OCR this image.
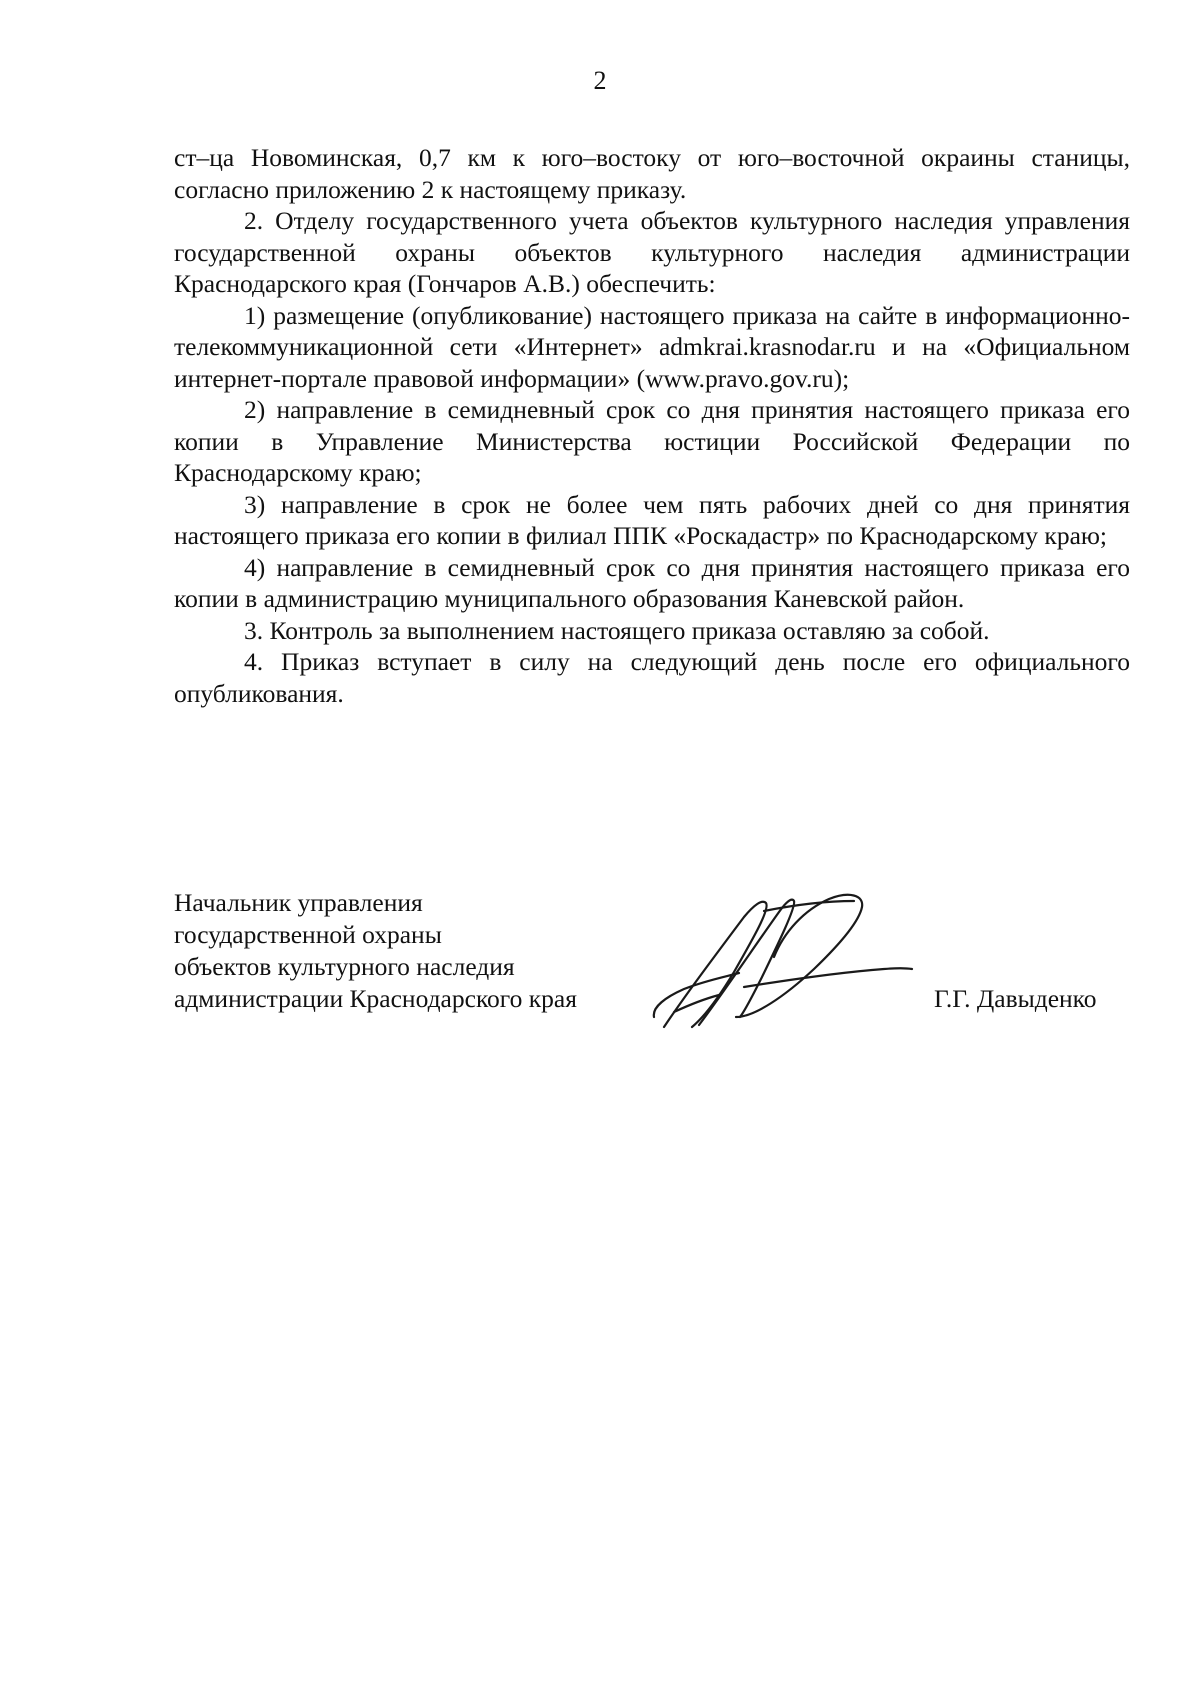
2

ст–ца Новоминская, 0,7 км к юго–востоку от юго–восточной окраины станицы, согласно приложению 2 к настоящему приказу.

2. Отделу государственного учета объектов культурного наследия управления государственной охраны объектов культурного наследия администрации Краснодарского края (Гончаров А.В.) обеспечить:

1) размещение (опубликование) настоящего приказа на сайте в информационно-телекоммуникационной сети «Интернет» admkrai.krasnodar.ru и на «Официальном интернет-портале правовой информации» (www.pravo.gov.ru);

2) направление в семидневный срок со дня принятия настоящего приказа его копии в Управление Министерства юстиции Российской Федерации по Краснодарскому краю;

3) направление в срок не более чем пять рабочих дней со дня принятия настоящего приказа его копии в филиал ППК «Роскадастр» по Краснодарскому краю;

4) направление в семидневный срок со дня принятия настоящего приказа его копии в администрацию муниципального образования Каневской район.

3. Контроль за выполнением настоящего приказа оставляю за собой.

4. Приказ вступает в силу на следующий день после его официального опубликования.

Начальник управления
государственной охраны
объектов культурного наследия
администрации Краснодарского края	Г.Г. Давыденко
